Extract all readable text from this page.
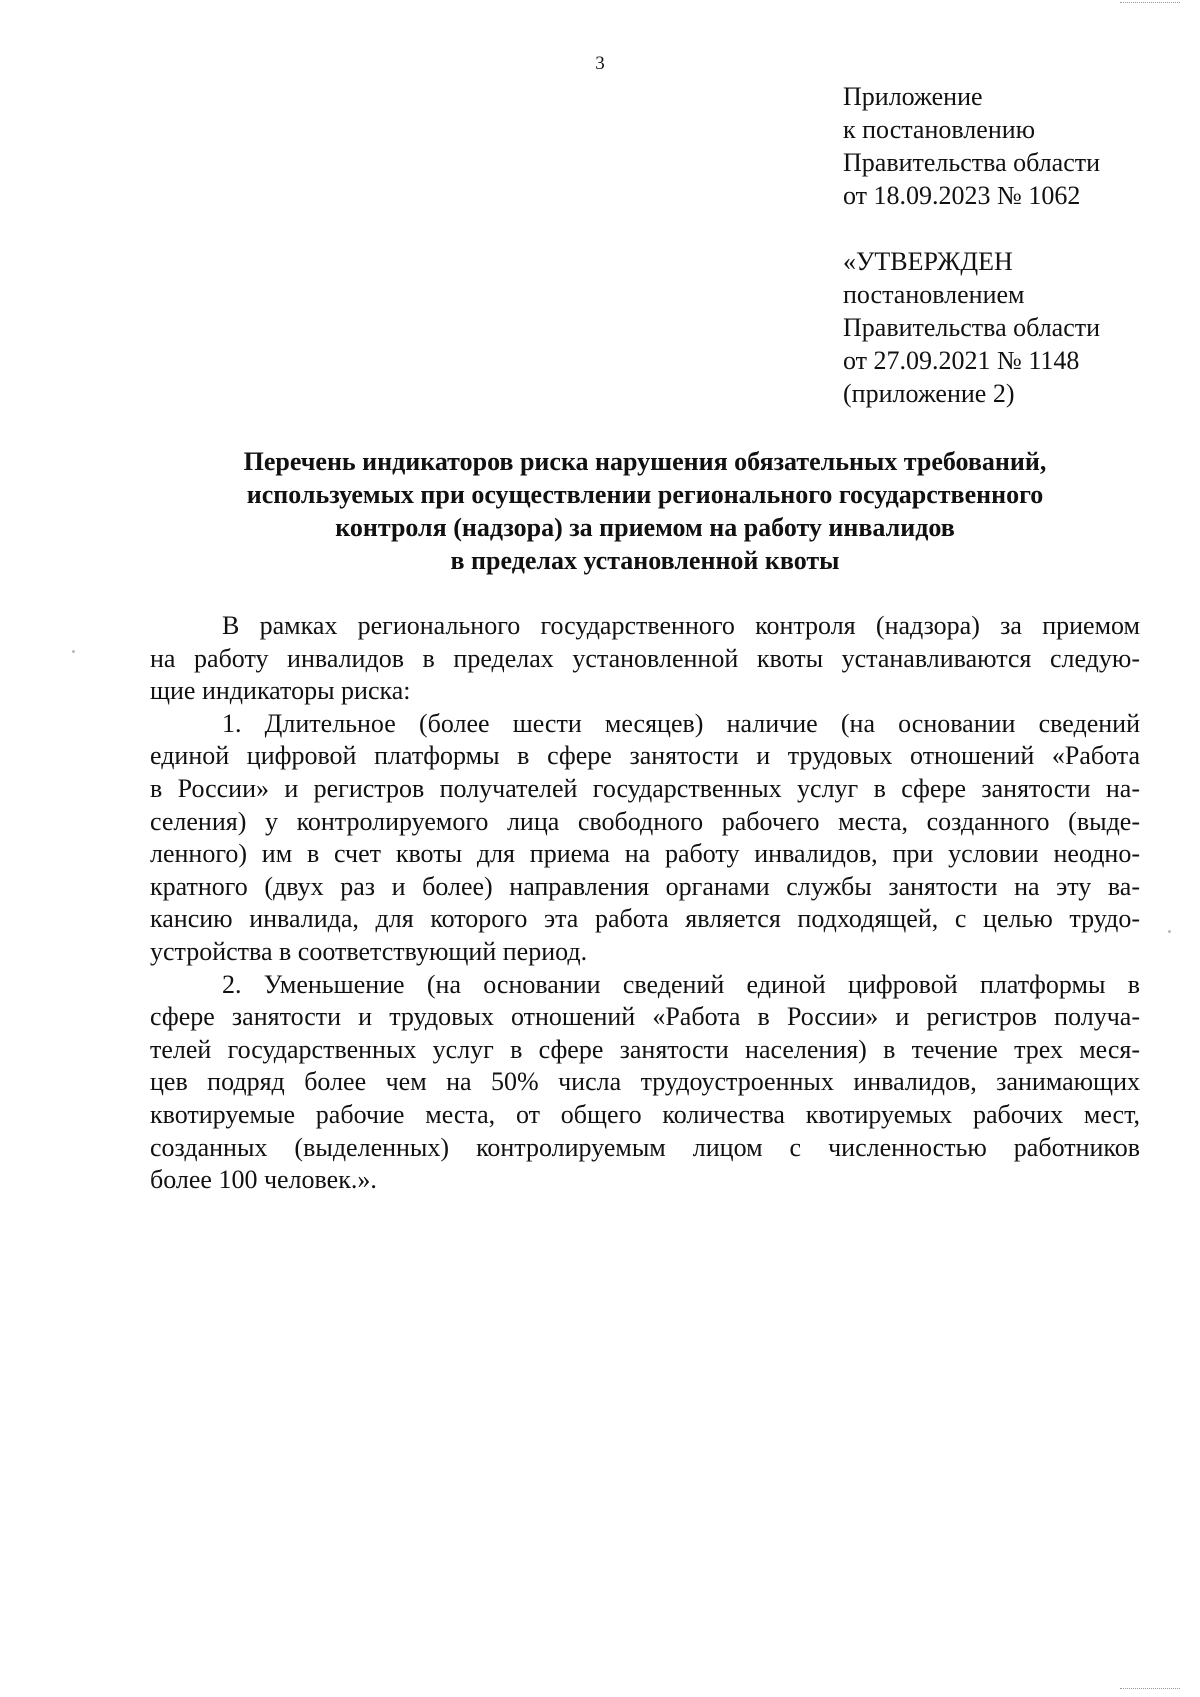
3
Приложение
к постановлению
Правительства области
от 18.09.2023 № 1062
«УТВЕРЖДЕН
постановлением
Правительства области
от 27.09.2021 № 1148
(приложение 2)
Перечень индикаторов риска нарушения обязательных требований,
используемых при осуществлении регионального государственного
контроля (надзора) за приемом на работу инвалидов
в пределах установленной квоты
В рамках регионального государственного контроля (надзора) за приемом
на работу инвалидов в пределах установленной квоты устанавливаются следую-
щие индикаторы риска:
1. Длительное (более шести месяцев) наличие (на основании сведений
единой цифровой платформы в сфере занятости и трудовых отношений «Работа
в России» и регистров получателей государственных услуг в сфере занятости на-
селения) у контролируемого лица свободного рабочего места, созданного (выде-
ленного) им в счет квоты для приема на работу инвалидов, при условии неодно-
кратного (двух раз и более) направления органами службы занятости на эту ва-
кансию инвалида, для которого эта работа является подходящей, с целью трудо-
устройства в соответствующий период.
2. Уменьшение (на основании сведений единой цифровой платформы в
сфере занятости и трудовых отношений «Работа в России» и регистров получа-
телей государственных услуг в сфере занятости населения) в течение трех меся-
цев подряд более чем на 50% числа трудоустроенных инвалидов, занимающих
квотируемые рабочие места, от общего количества квотируемых рабочих мест,
созданных (выделенных) контролируемым лицом с численностью работников
более 100 человек.».
